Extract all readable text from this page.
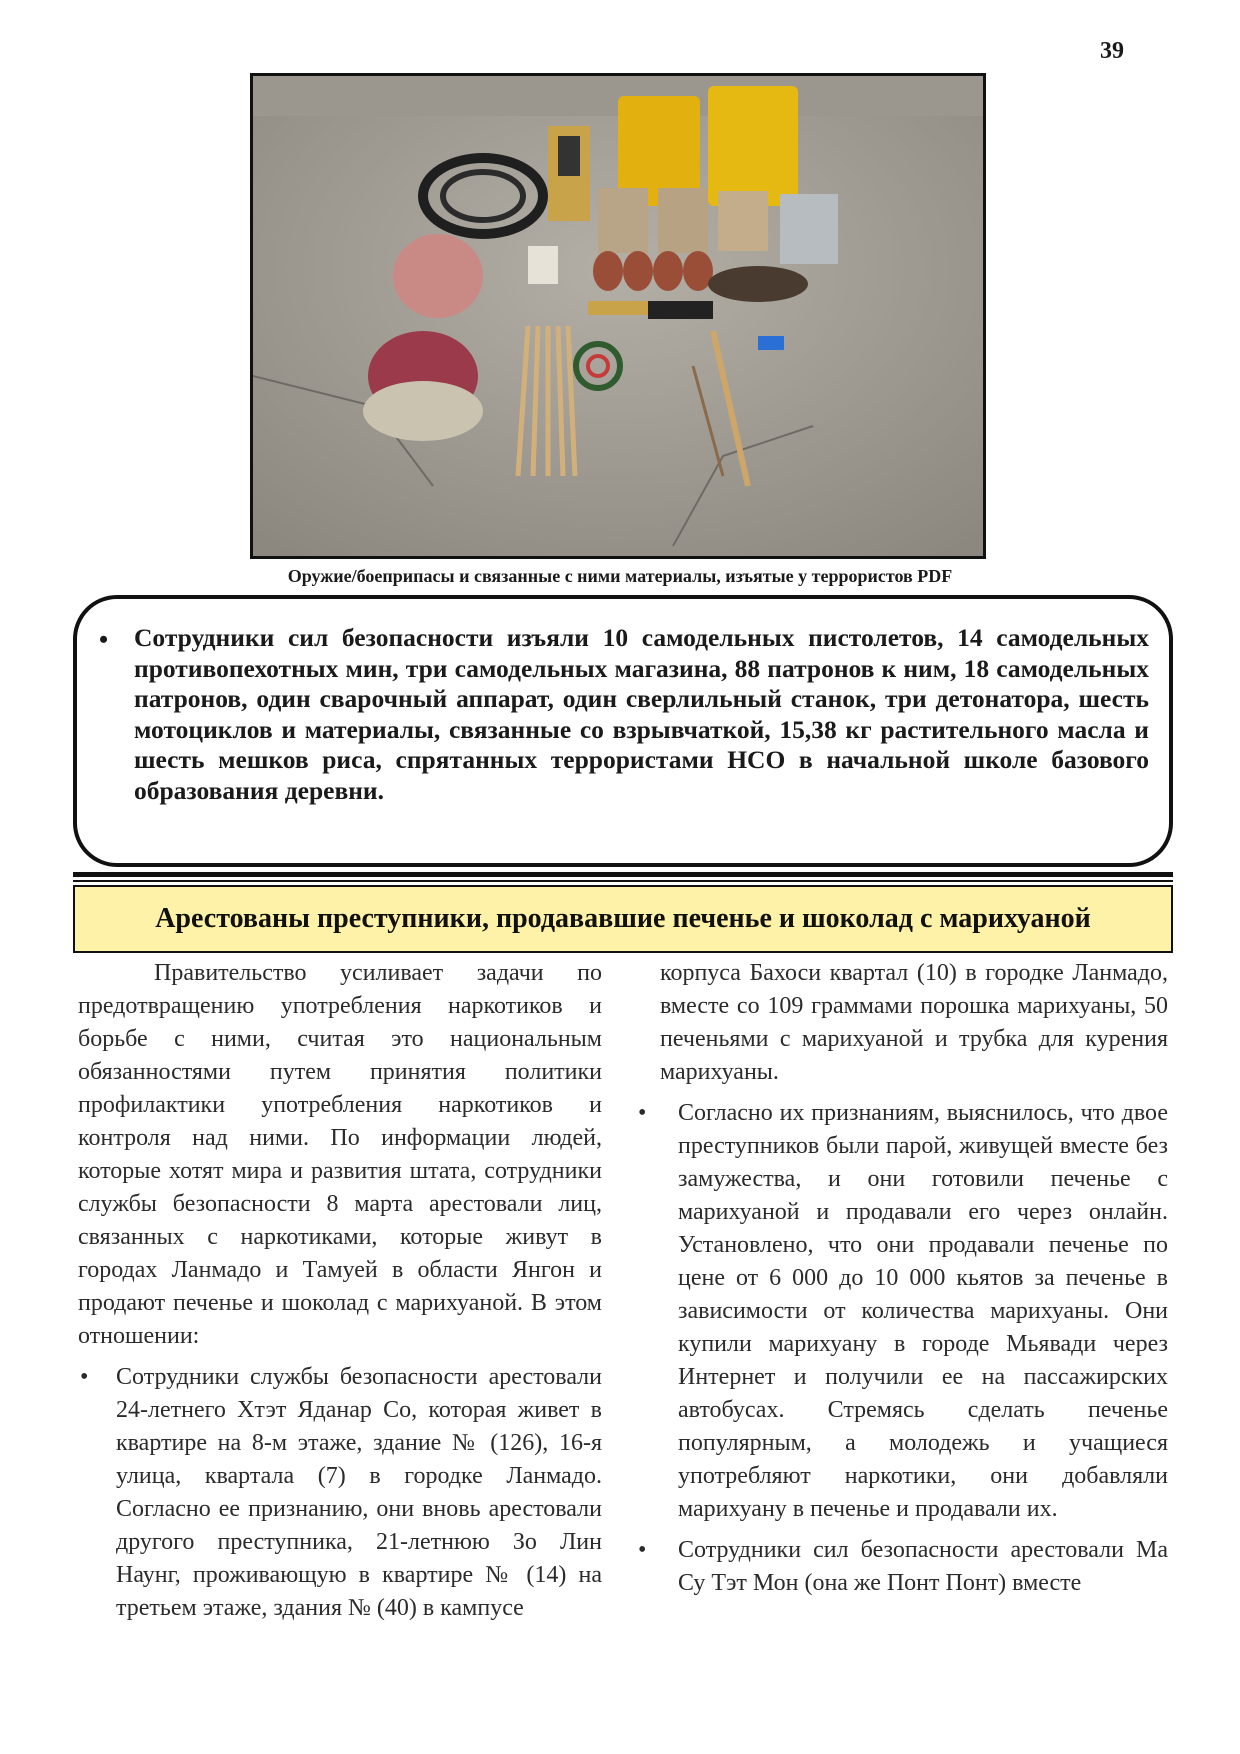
39
Оружие/боеприпасы и связанные с ними материалы, изъятые у террористов PDF
• Сотрудники сил безопасности изъяли 10 самодельных пистолетов, 14 самодельных противопехотных мин, три самодельных магазина, 88 патронов к ним, 18 самодельных патронов, один сварочный аппарат, один сверлильный станок, три детонатора, шесть мотоциклов и материалы, связанные со взрывчаткой, 15,38 кг растительного масла и шесть мешков риса, спрятанных террористами НСО в начальной школе базового образования деревни.

Арестованы преступники, продававшие печенье и шоколад с марихуаной

Правительство усиливает задачи по предотвращению употребления наркотиков и борьбе с ними, считая это национальным обязанностями путем принятия политики профилактики употребления наркотиков и контроля над ними. По информации людей, которые хотят мира и развития штата, сотрудники службы безопасности 8 марта арестовали лиц, связанных с наркотиками, которые живут в городах Ланмадо и Тамуей в области Янгон и продают печенье и шоколад с марихуаной. В этом отношении:

• Сотрудники службы безопасности арестовали 24-летнего Хтэт Яданар Со, которая живет в квартире на 8-м этаже, здание № (126), 16-я улица, квартала (7) в городке Ланмадо. Согласно ее признанию, они вновь арестовали другого преступника, 21-летнюю Зо Лин Наунг, проживающую в квартире № (14) на третьем этаже, здания № (40) в кампусе

корпуса Бахоси квартал (10) в городке Ланмадо, вместе со 109 граммами порошка марихуаны, 50 печеньями с марихуаной и трубка для курения марихуаны.

• Согласно их признаниям, выяснилось, что двое преступников были парой, живущей вместе без замужества, и они готовили печенье с марихуаной и продавали его через онлайн. Установлено, что они продавали печенье по цене от 6 000 до 10 000 кьятов за печенье в зависимости от количества марихуаны. Они купили марихуану в городе Мьявади через Интернет и получили ее на пассажирских автобусах. Стремясь сделать печенье популярным, а молодежь и учащиеся употребляют наркотики, они добавляли марихуану в печенье и продавали их.

• Сотрудники сил безопасности арестовали Ма Су Тэт Мон (она же Понт Понт) вместе
